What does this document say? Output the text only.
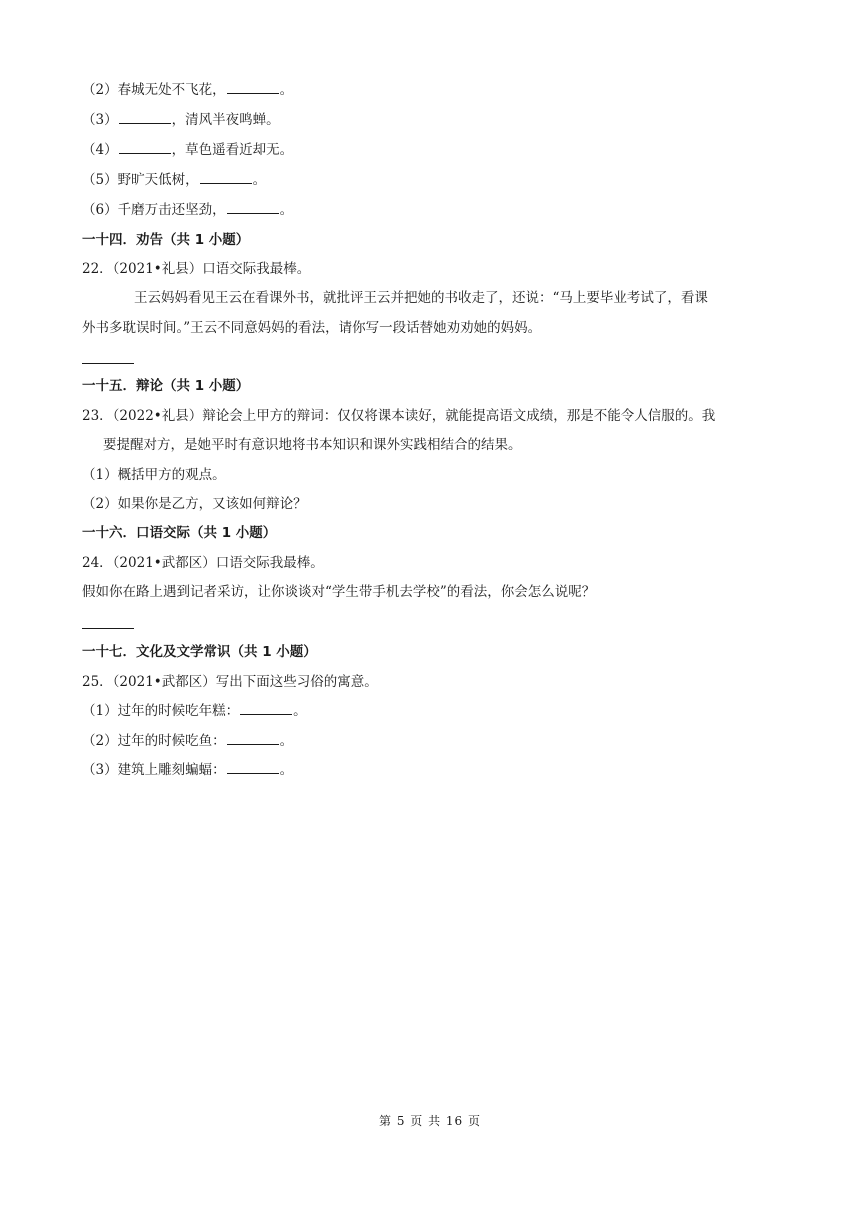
（2）春城无处不飞花，	。
（3）	，清风半夜鸣蝉。
（4）	，草色遥看近却无。
（5）野旷天低树，	。
（6）千磨万击还坚劲，	。
一十四．劝告（共 1 小题）
22．（2021•礼县）口语交际我最棒。
王云妈妈看见王云在看课外书，就批评王云并把她的书收走了，还说：“马上要毕业考试了，看课
外书多耽误时间。”王云不同意妈妈的看法，请你写一段话替她劝劝她的妈妈。
一十五．辩论（共 1 小题）
23．（2022•礼县）辩论会上甲方的辩词：仅仅将课本读好，就能提高语文成绩，那是不能令人信服的。我
要提醒对方，是她平时有意识地将书本知识和课外实践相结合的结果。
（1）概括甲方的观点。
（2）如果你是乙方，又该如何辩论？
一十六．口语交际（共 1 小题）
24．（2021•武都区）口语交际我最棒。
假如你在路上遇到记者采访，让你谈谈对“学生带手机去学校”的看法，你会怎么说呢？
一十七．文化及文学常识（共 1 小题）
25．（2021•武都区）写出下面这些习俗的寓意。
（1）过年的时候吃年糕：	。
（2）过年的时候吃鱼：	。
（3）建筑上雕刻蝙蝠：	。
第 5 页 共 16 页
